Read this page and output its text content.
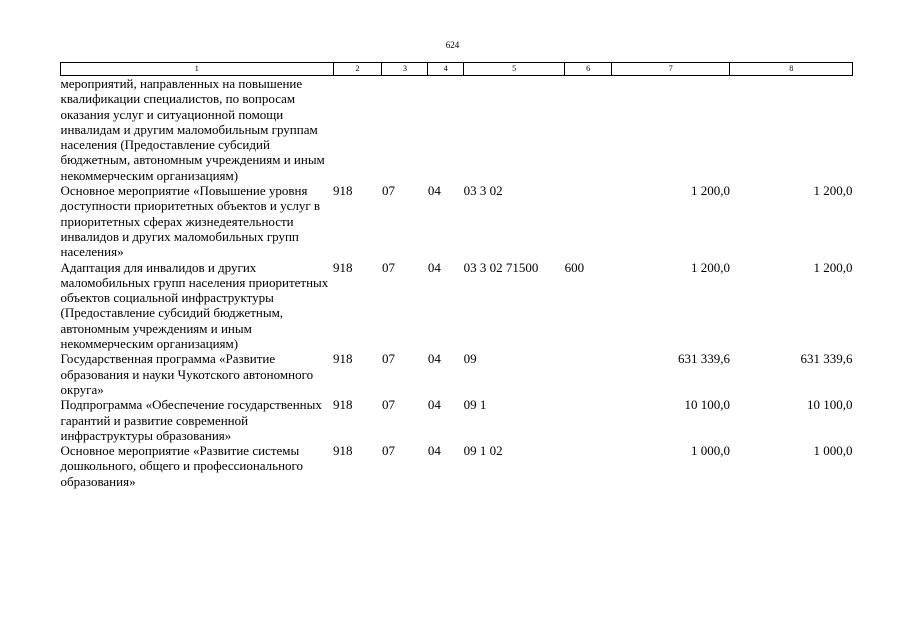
624
1	2	3	4	5	6	7	8
мероприятий, направленных на повышение квалификации специалистов, по вопросам оказания услуг и ситуационной помощи инвалидам и другим маломобильным группам населения (Предоставление субсидий бюджетным, автономным учреждениям и иным некоммерческим организациям)							
Основное мероприятие «Повышение уровня доступности приоритетных объектов и услуг в приоритетных сферах жизнедеятельности инвалидов и других маломобильных групп населения»	918	07	04	03 3 02		1 200,0	1 200,0
Адаптация для инвалидов и других маломобильных групп населения приоритетных объектов социальной инфраструктуры (Предоставление субсидий бюджетным, автономным учреждениям и иным некоммерческим организациям)	918	07	04	03 3 02 71500	600	1 200,0	1 200,0
Государственная программа «Развитие образования и науки Чукотского автономного округа»	918	07	04	09		631 339,6	631 339,6
Подпрограмма «Обеспечение государственных гарантий и развитие современной инфраструктуры образования»	918	07	04	09 1		10 100,0	10 100,0
Основное мероприятие «Развитие системы дошкольного, общего и профессионального образования»	918	07	04	09 1 02		1 000,0	1 000,0
